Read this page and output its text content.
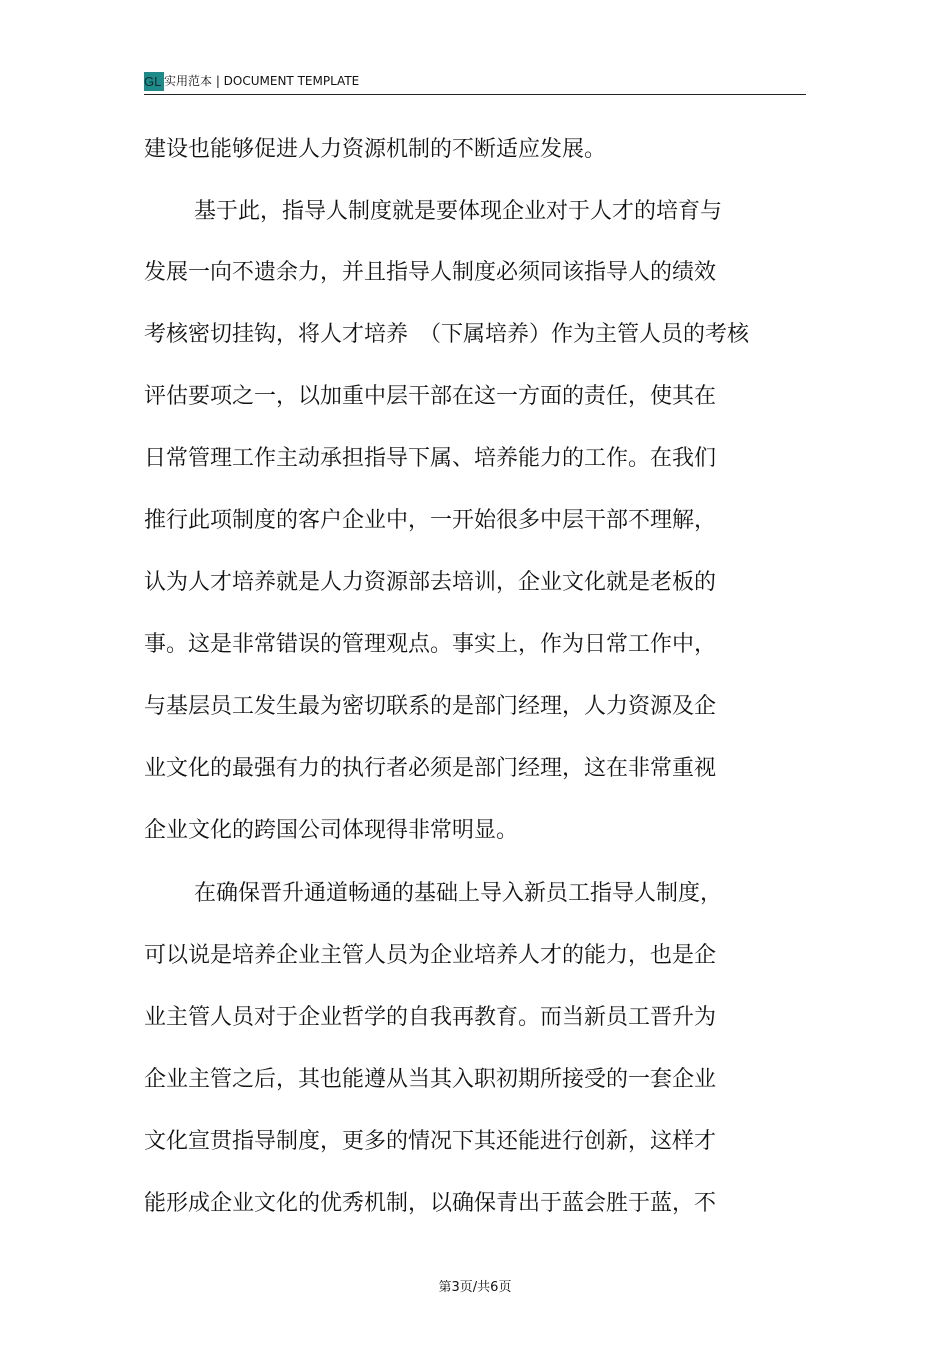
GL 实用范本 | DOCUMENT TEMPLATE
建设也能够促进人力资源机制的不断适应发展。
基于此，指导人制度就是要体现企业对于人才的培育与
发展一向不遗余力，并且指导人制度必须同该指导人的绩效
考核密切挂钩，将人才培养　（下属培养）作为主管人员的考核
评估要项之一，以加重中层干部在这一方面的责任，使其在
日常管理工作主动承担指导下属、培养能力的工作。在我们
推行此项制度的客户企业中，一开始很多中层干部不理解，
认为人才培养就是人力资源部去培训，企业文化就是老板的
事。这是非常错误的管理观点。事实上，作为日常工作中，
与基层员工发生最为密切联系的是部门经理，人力资源及企
业文化的最强有力的执行者必须是部门经理，这在非常重视
企业文化的跨国公司体现得非常明显。
在确保晋升通道畅通的基础上导入新员工指导人制度，
可以说是培养企业主管人员为企业培养人才的能力，也是企
业主管人员对于企业哲学的自我再教育。而当新员工晋升为
企业主管之后，其也能遵从当其入职初期所接受的一套企业
文化宣贯指导制度，更多的情况下其还能进行创新，这样才
能形成企业文化的优秀机制，以确保青出于蓝会胜于蓝，不
第3页/共6页
